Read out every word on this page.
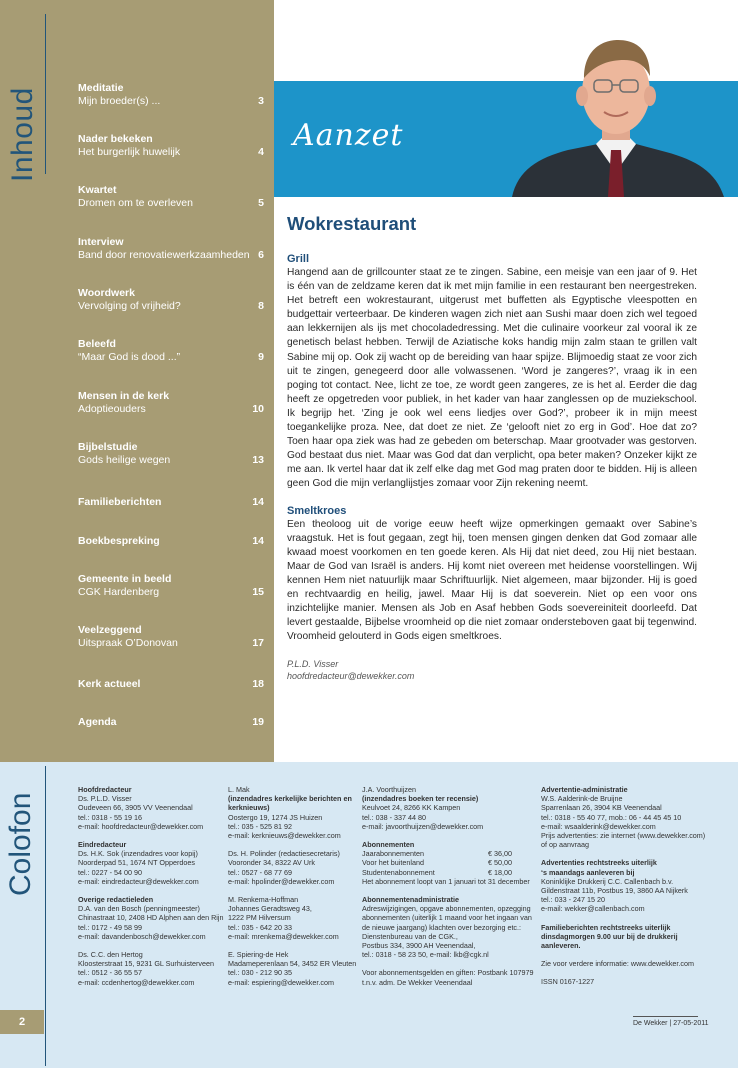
Inhoud	Meditatie
Mijn broeder(s) ...	3
Nader bekeken
Het burgerlijk huwelijk	4
Kwartet
Dromen om te overleven	5
Interview
Band door renovatiewerkzaamheden 6
Woordwerk
Vervolging of vrijheid?	8
Beleefd
“Maar God is dood ...”	9
Mensen in de kerk
Adoptieouders	10
Bijbelstudie
Gods heilige wegen	13
Familieberichten	14
Boekbespreking	14
Gemeente in beeld
CGK Hardenberg	15
Veelzeggend
Uitspraak O’Donovan	17
Kerk actueel	18
Agenda	19
Aanzet
Wokrestaurant
Grill
Hangend aan de grillcounter staat ze te zingen. Sabine, een meisje van een jaar of 9. Het is één van de zeldzame keren dat ik met mijn familie in een restaurant ben neergestreken. Het betreft een wokrestaurant, uitgerust met buffetten als Egyptische vleespotten en budgettair verteerbaar. De kinderen wagen zich niet aan Sushi maar doen zich wel tegoed aan lekkernijen als ijs met chocoladedressing. Met die culinaire voorkeur zal vooral ik ze genetisch belast hebben. Terwijl de Aziatische koks handig mijn zalm staan te grillen valt Sabine mij op. Ook zij wacht op de bereiding van haar spijze. Blijmoedig staat ze voor zich uit te zingen, genegeerd door alle volwassenen. ‘Word je zangeres?’, vraag ik in een poging tot contact. Nee, licht ze toe, ze wordt geen zangeres, ze is het al. Eerder die dag heeft ze opgetreden voor publiek, in het kader van haar zanglessen op de muziekschool. Ik begrijp het. ‘Zing je ook wel eens liedjes over God?’, probeer ik in mijn meest toegankelijke proza. Nee, dat doet ze niet. Ze ‘gelooft niet zo erg in God’. Hoe dat zo? Toen haar opa ziek was had ze gebeden om beterschap. Maar grootvader was gestorven. God bestaat dus niet. Maar was God dat dan verplicht, opa beter maken? Onzeker kijkt ze me aan. Ik vertel haar dat ik zelf elke dag met God mag praten door te bidden. Hij is alleen geen God die mijn verlanglijstjes zomaar voor Zijn rekening neemt.
Smeltkroes
Een theoloog uit de vorige eeuw heeft wijze opmerkingen gemaakt over Sabine’s vraagstuk. Het is fout gegaan, zegt hij, toen mensen gingen denken dat God zomaar alle kwaad moest voorkomen en ten goede keren. Als Hij dat niet deed, zou Hij niet bestaan. Maar de God van Israël is anders. Hij komt niet overeen met heidense voorstellingen. Wij kennen Hem niet natuurlijk maar Schriftuurlijk. Niet algemeen, maar bijzonder. Hij is goed en rechtvaardig en heilig, jawel. Maar Hij is dat soeverein. Niet op een voor ons inzichtelijke manier. Mensen als Job en Asaf hebben Gods soevereiniteit doorleefd. Dat levert gestaalde, Bijbelse vroomheid op die niet zomaar ondersteboven gaat bij tegenwind. Vroomheid gelouterd in Gods eigen smeltkroes.
P.L.D. Visser
hoofdredacteur@dewekker.com
Colofon
Hoofdredacteur
Ds. P.L.D. Visser
Oudeveen 66, 3905 VV Veenendaal
tel.: 0318 - 55 19 16
e-mail: hoofdredacteur@dewekker.com
Eindredacteur
Ds. H.K. Sok (inzendadres voor kopij)
Noorderpad 51, 1674 NT Opperdoes
tel.: 0227 - 54 00 90
e-mail: eindredacteur@dewekker.com
Overige redactieleden
D.A. van den Bosch (penningmeester)
Chinastraat 10, 2408 HD Alphen aan den Rijn
tel.: 0172 - 49 58 99
e-mail: davandenbosch@dewekker.com
Ds. C.C. den Hertog
Kloosterstraat 15, 9231 GL Surhuisterveen
tel.: 0512 - 36 55 57
e-mail: ccdenhertog@dewekker.com
L. Mak
(inzendadres kerkelijke berichten en kerknieuws)
Oostergo 19, 1274 JS Huizen
tel.: 035 - 525 81 92
e-mail: kerknieuws@dewekker.com
Ds. H. Polinder (redactiesecretaris)
Vooronder 34, 8322 AV Urk
tel.: 0527 - 68 77 69
e-mail: hpolinder@dewekker.com
M. Renkema-Hoffman
Johannes Geradtsweg 43,
1222 PM Hilversum
tel.: 035 - 642 20 33
e-mail: mrenkema@dewekker.com
E. Spiering-de Hek
Madameperenlaan 54, 3452 ER Vleuten
tel.: 030 - 212 90 35
e-mail: espiering@dewekker.com
J.A. Voorthuijzen
(inzendadres boeken ter recensie)
Keulvoet 24, 8266 KK Kampen
tel.: 038 - 337 44 80
e-mail: javoorthuijzen@dewekker.com
Abonnementen
Jaarabonnementen	€ 36,00
Voor het buitenland	€ 50,00
Studentenabonnement	€ 18,00
Het abonnement loopt van 1 januari tot 31 december
Abonnementenadministratie
Adreswijzigingen, opgave abonnementen, opzegging
abonnementen (uiterlijk 1 maand voor het ingaan van
de nieuwe jaargang) klachten over bezorging etc.:
Dienstenbureau van de CGK.,
Postbus 334, 3900 AH Veenendaal,
tel.: 0318 - 58 23 50, e-mail: lkb@cgk.nl
Voor abonnementsgelden en giften: Postbank 107979
t.n.v. adm. De Wekker Veenendaal
Advertentie-administratie
W.S. Aalderink-de Bruijne
Sparrenlaan 26, 3904 KB Veenendaal
tel.: 0318 - 55 40 77, mob.: 06 - 44 45 45 10
e-mail: wsaalderink@dewekker.com
Prijs advertenties: zie internet (www.dewekker.com)
of op aanvraag
Advertenties rechtstreeks uiterlijk
‘s maandags aanleveren bij
Koninklijke Drukkerij C.C. Callenbach b.v.
Gildenstraat 11b, Postbus 19, 3860 AA Nijkerk
tel.: 033 - 247 15 20
e-mail: wekker@callenbach.com
Familieberichten rechtstreeks uiterlijk
dinsdagmorgen 9.00 uur bij de drukkerij
aanleveren.
Zie voor verdere informatie: www.dewekker.com
ISSN 0167-1227
2	De Wekker | 27-05-2011
